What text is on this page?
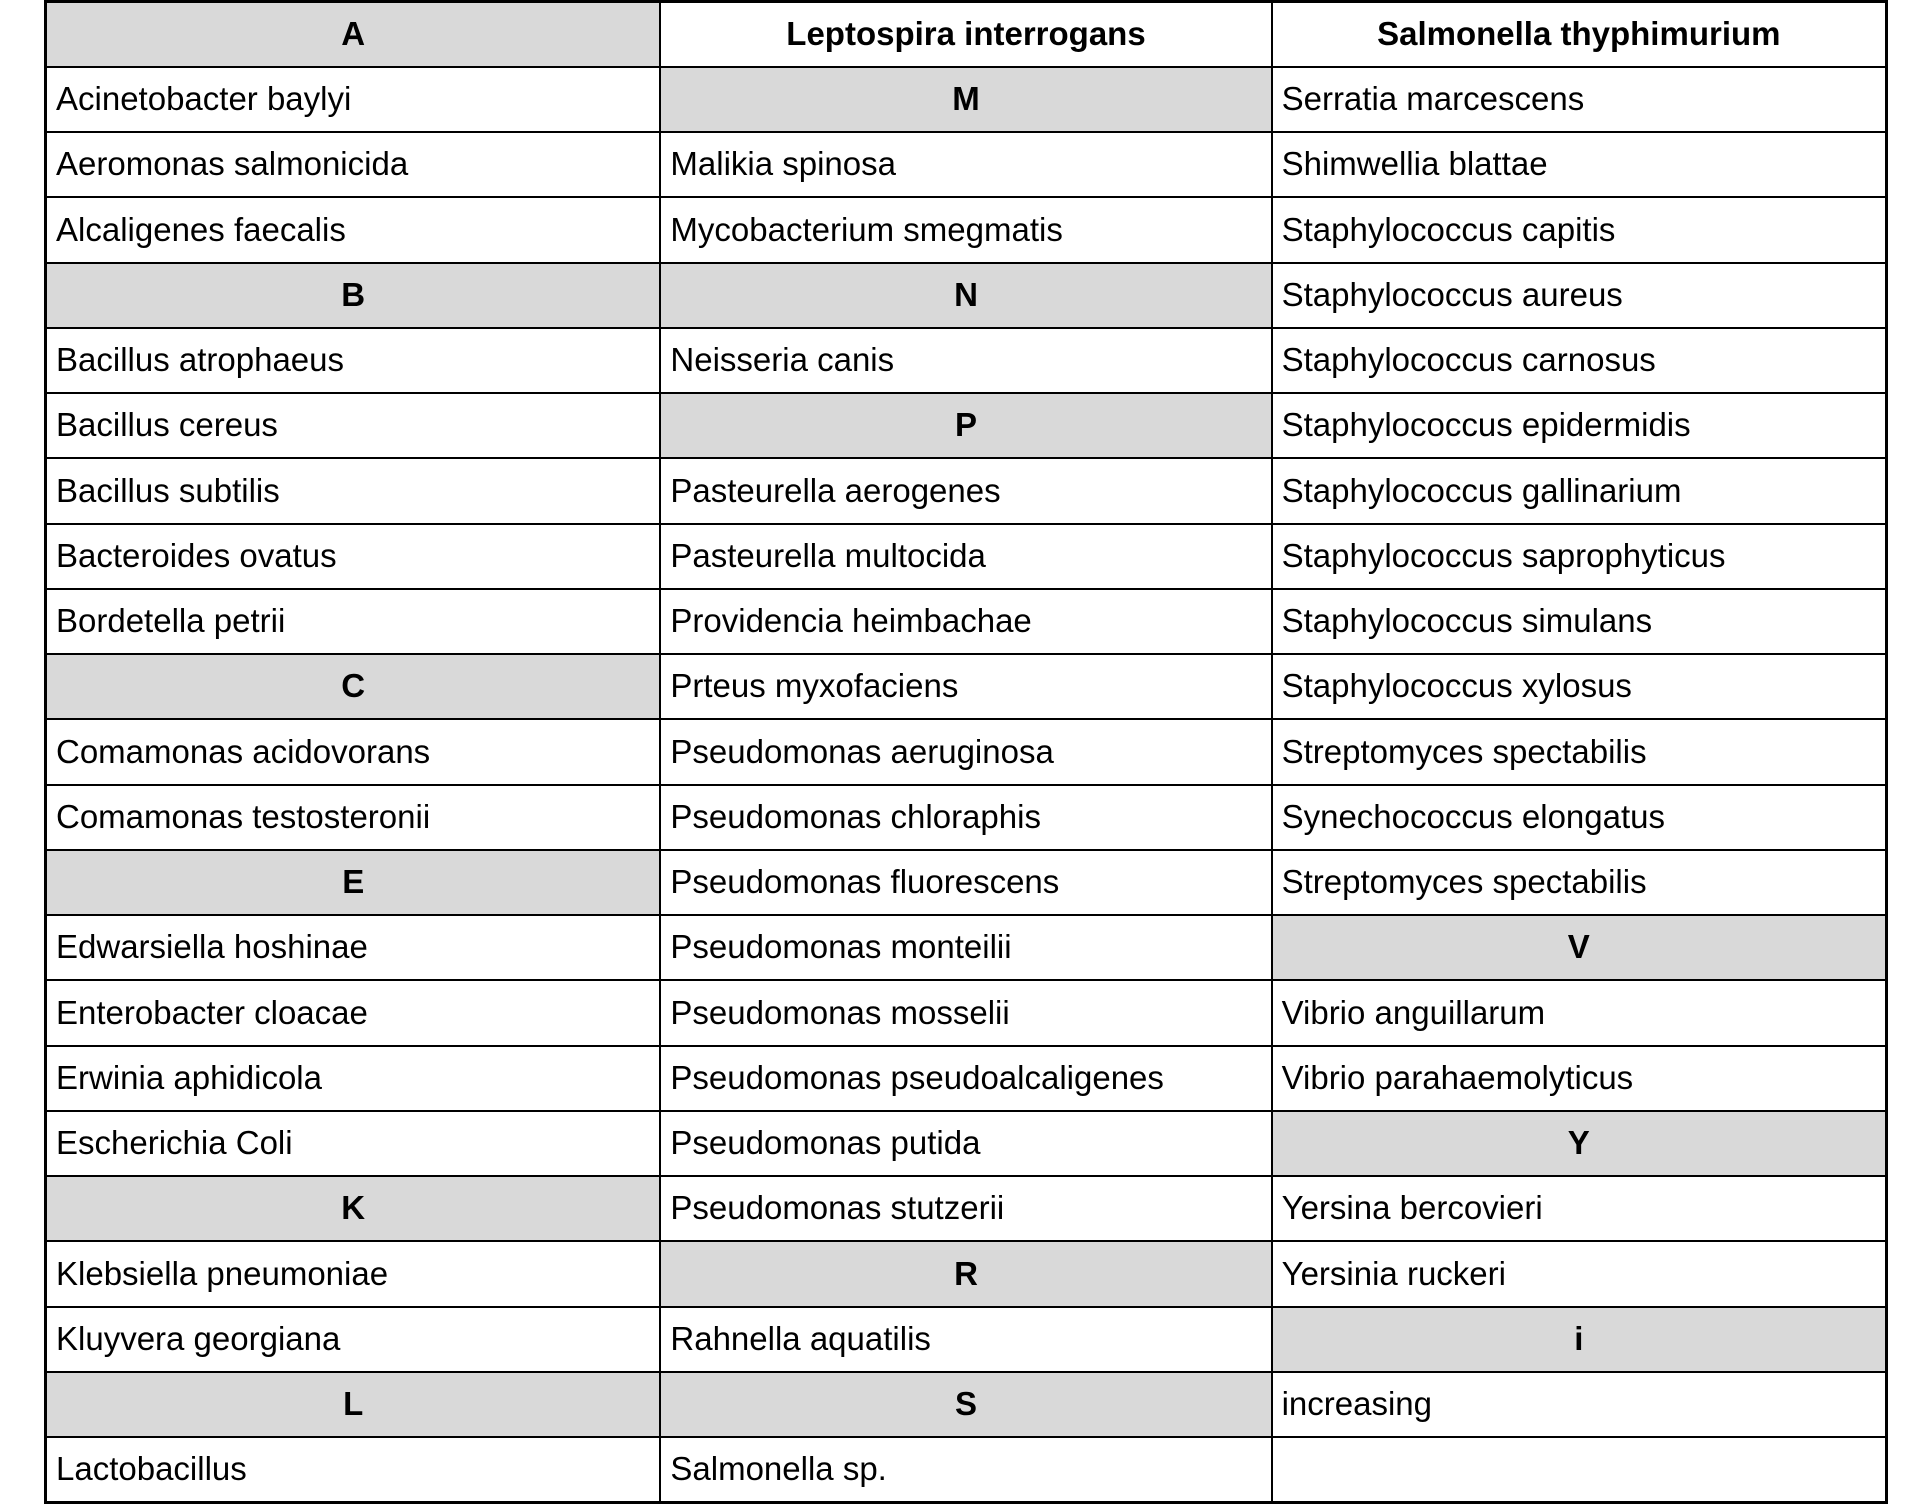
A	Leptospira interrogans	Salmonella thyphimurium
Acinetobacter baylyi	M	Serratia marcescens
Aeromonas salmonicida	Malikia spinosa	Shimwellia blattae
Alcaligenes faecalis	Mycobacterium smegmatis	Staphylococcus capitis
B	N	Staphylococcus aureus
Bacillus atrophaeus	Neisseria canis	Staphylococcus carnosus
Bacillus cereus	P	Staphylococcus epidermidis
Bacillus subtilis	Pasteurella aerogenes	Staphylococcus gallinarium
Bacteroides ovatus	Pasteurella multocida	Staphylococcus saprophyticus
Bordetella petrii	Providencia heimbachae	Staphylococcus simulans
C	Prteus myxofaciens	Staphylococcus xylosus
Comamonas acidovorans	Pseudomonas aeruginosa	Streptomyces spectabilis
Comamonas testosteronii	Pseudomonas chloraphis	Synechococcus elongatus
E	Pseudomonas fluorescens	Streptomyces spectabilis
Edwarsiella hoshinae	Pseudomonas monteilii	V
Enterobacter cloacae	Pseudomonas mosselii	Vibrio anguillarum
Erwinia aphidicola	Pseudomonas pseudoalcaligenes	Vibrio parahaemolyticus
Escherichia Coli	Pseudomonas putida	Y
K	Pseudomonas stutzerii	Yersina bercovieri
Klebsiella pneumoniae	R	Yersinia ruckeri
Kluyvera georgiana	Rahnella aquatilis	i
L	S	increasing
Lactobacillus	Salmonella sp.	
